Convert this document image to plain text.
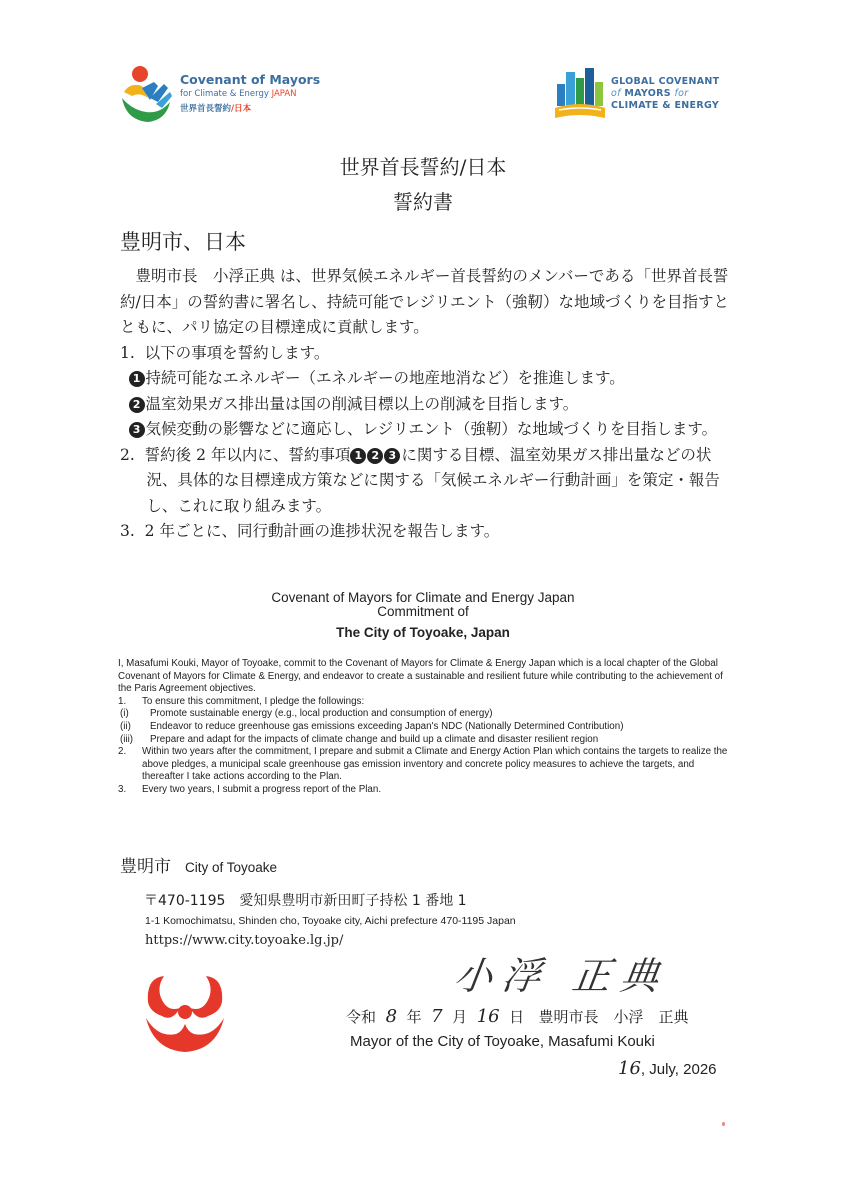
Covenant of Mayors
for Climate & Energy JAPAN
世界首長誓約/日本
GLOBAL COVENANT
of MAYORS for
CLIMATE & ENERGY
世界首長誓約/日本
誓約書
豊明市、日本

豊明市長　小浮正典 は、世界気候エネルギー首長誓約のメンバーである「世界首長誓約/日本」の誓約書に署名し、持続可能でレジリエント（強靭）な地域づくりを目指すとともに、パリ協定の目標達成に貢献します。

1. 以下の事項を誓約します。

1 持続可能なエネルギー（エネルギーの地産地消など）を推進します。

2 温室効果ガス排出量は国の削減目標以上の削減を目指します。

3 気候変動の影響などに適応し、レジリエント（強靭）な地域づくりを目指します。

2. 誓約後 2 年以内に、誓約事項 1 2 3 に関する目標、温室効果ガス排出量などの状況、具体的な目標達成方策などに関する「気候エネルギー行動計画」を策定・報告し、これに取り組みます。

3. 2 年ごとに、同行動計画の進捗状況を報告します。

Covenant of Mayors for Climate and Energy Japan
Commitment of
The City of Toyoake, Japan

I, Masafumi Kouki, Mayor of Toyoake, commit to the Covenant of Mayors for Climate & Energy Japan which is a local chapter of the Global Covenant of Mayors for Climate & Energy, and endeavor to create a sustainable and resilient future while contributing to the achievement of the Paris Agreement objectives.

1.	To ensure this commitment, I pledge the followings:
(i)	Promote sustainable energy (e.g., local production and consumption of energy)
(ii)	Endeavor to reduce greenhouse gas emissions exceeding Japan's NDC (Nationally Determined Contribution)
(iii)	Prepare and adapt for the impacts of climate change and build up a climate and disaster resilient region
2.	Within two years after the commitment, I prepare and submit a Climate and Energy Action Plan which contains the targets to realize the above pledges, a municipal scale greenhouse gas emission inventory and concrete policy measures to achieve the targets, and thereafter I take actions according to the Plan.
3.	Every two years, I submit a progress report of the Plan.
豊明市 City of Toyoake
〒470-1195　愛知県豊明市新田町子持松 1 番地 1
1-1 Komochimatsu, Shinden cho, Toyoake city, Aichi prefecture 470-1195 Japan
https://www.city.toyoake.lg.jp/
小浮 正典
令和 8 年 7 月 16 日 豊明市長　小浮　正典
Mayor of the City of Toyoake, Masafumi Kouki
16, July, 2026
